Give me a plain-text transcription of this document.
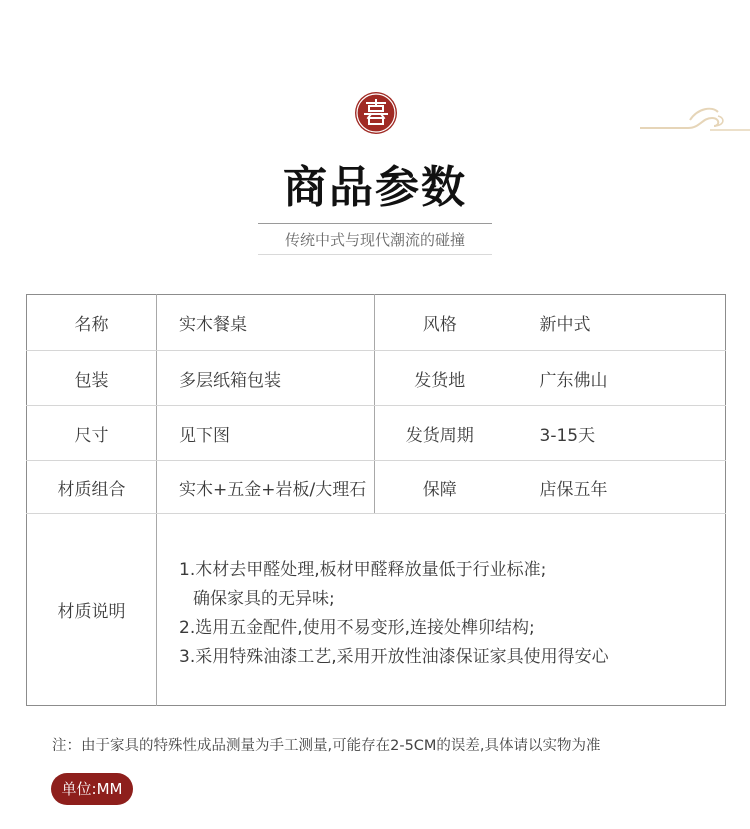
商品参数
传统中式与现代潮流的碰撞
名称	实木餐桌	风格	新中式
包装	多层纸箱包装	发货地	广东佛山
尺寸	见下图	发货周期	3-15天
材质组合	实木+五金+岩板/大理石	保障	店保五年
材质说明	1.木材去甲醛处理,板材甲醛释放量低于行业标准;
确保家具的无异味;
2.选用五金配件,使用不易变形,连接处榫卯结构;
3.采用特殊油漆工艺,采用开放性油漆保证家具使用得安心		
注：由于家具的特殊性成品测量为手工测量,可能存在2-5CM的误差,具体请以实物为准
单位:MM
